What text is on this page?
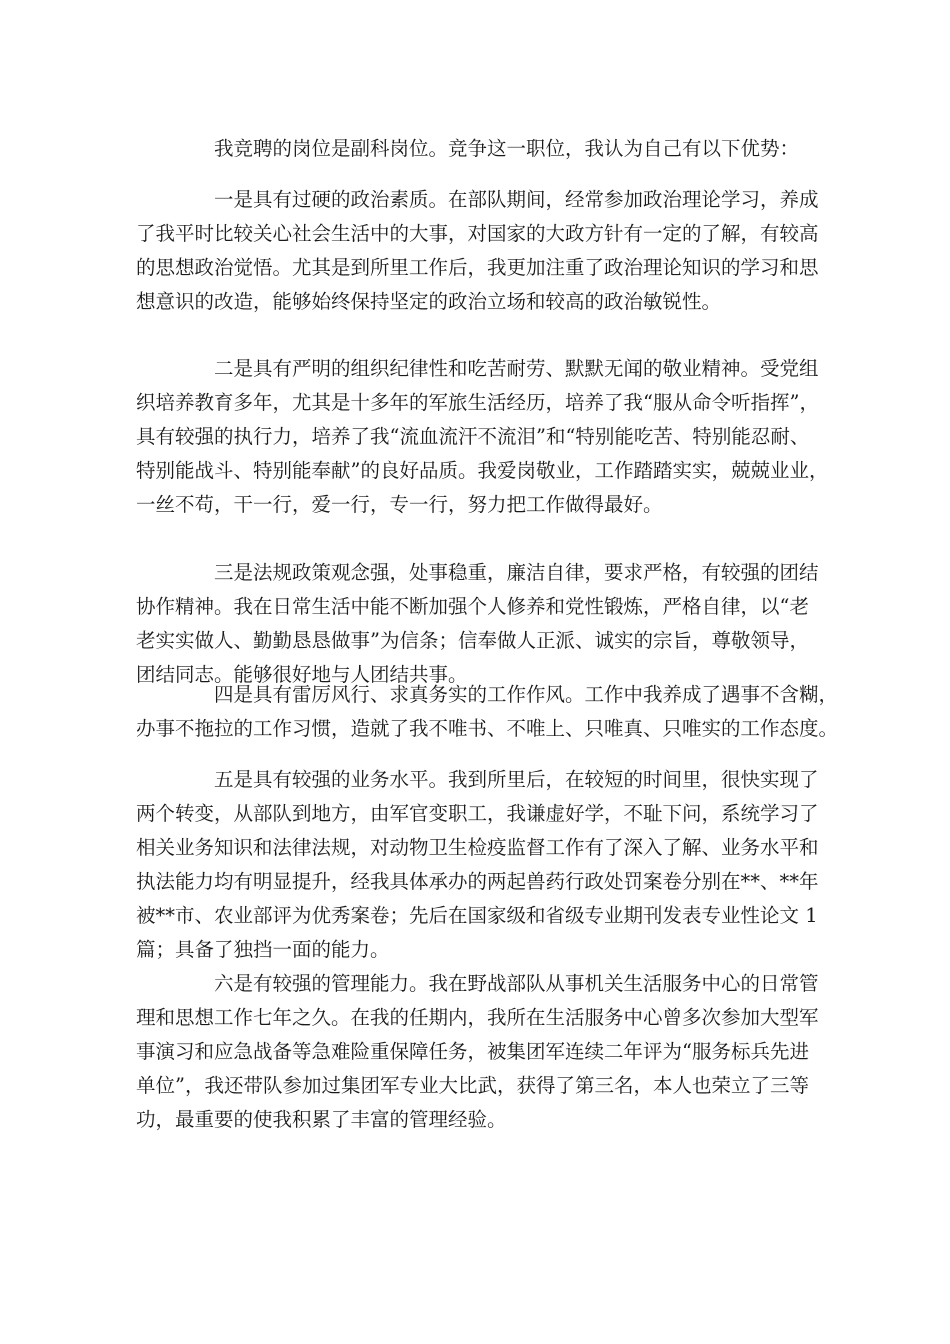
我竞聘的岗位是副科岗位。竞争这一职位，我认为自己有以下优势：
一是具有过硬的政治素质。在部队期间，经常参加政治理论学习，养成
了我平时比较关心社会生活中的大事，对国家的大政方针有一定的了解，有较高
的思想政治觉悟。尤其是到所里工作后，我更加注重了政治理论知识的学习和思
想意识的改造，能够始终保持坚定的政治立场和较高的政治敏锐性。
二是具有严明的组织纪律性和吃苦耐劳、默默无闻的敬业精神。受党组
织培养教育多年，尤其是十多年的军旅生活经历，培养了我“服从命令听指挥”，
具有较强的执行力，培养了我“流血流汗不流泪”和“特别能吃苦、特别能忍耐、
特别能战斗、特别能奉献”的良好品质。我爱岗敬业，工作踏踏实实，兢兢业业，
一丝不苟，干一行，爱一行，专一行，努力把工作做得最好。
三是法规政策观念强，处事稳重，廉洁自律，要求严格，有较强的团结
协作精神。我在日常生活中能不断加强个人修养和党性锻炼，严格自律，以“老
老实实做人、勤勤恳恳做事”为信条；信奉做人正派、诚实的宗旨，尊敬领导，
团结同志。能够很好地与人团结共事。
四是具有雷厉风行、求真务实的工作作风。工作中我养成了遇事不含糊，
办事不拖拉的工作习惯，造就了我不唯书、不唯上、只唯真、只唯实的工作态度。
五是具有较强的业务水平。我到所里后，在较短的时间里，很快实现了
两个转变，从部队到地方，由军官变职工，我谦虚好学，不耻下问，系统学习了
相关业务知识和法律法规，对动物卫生检疫监督工作有了深入了解、业务水平和
执法能力均有明显提升，经我具体承办的两起兽药行政处罚案卷分别在**、**年
被**市、农业部评为优秀案卷；先后在国家级和省级专业期刊发表专业性论文 1
篇；具备了独挡一面的能力。
六是有较强的管理能力。我在野战部队从事机关生活服务中心的日常管
理和思想工作七年之久。在我的任期内，我所在生活服务中心曾多次参加大型军
事演习和应急战备等急难险重保障任务，被集团军连续二年评为“服务标兵先进
单位”，我还带队参加过集团军专业大比武，获得了第三名，本人也荣立了三等
功，最重要的使我积累了丰富的管理经验。
